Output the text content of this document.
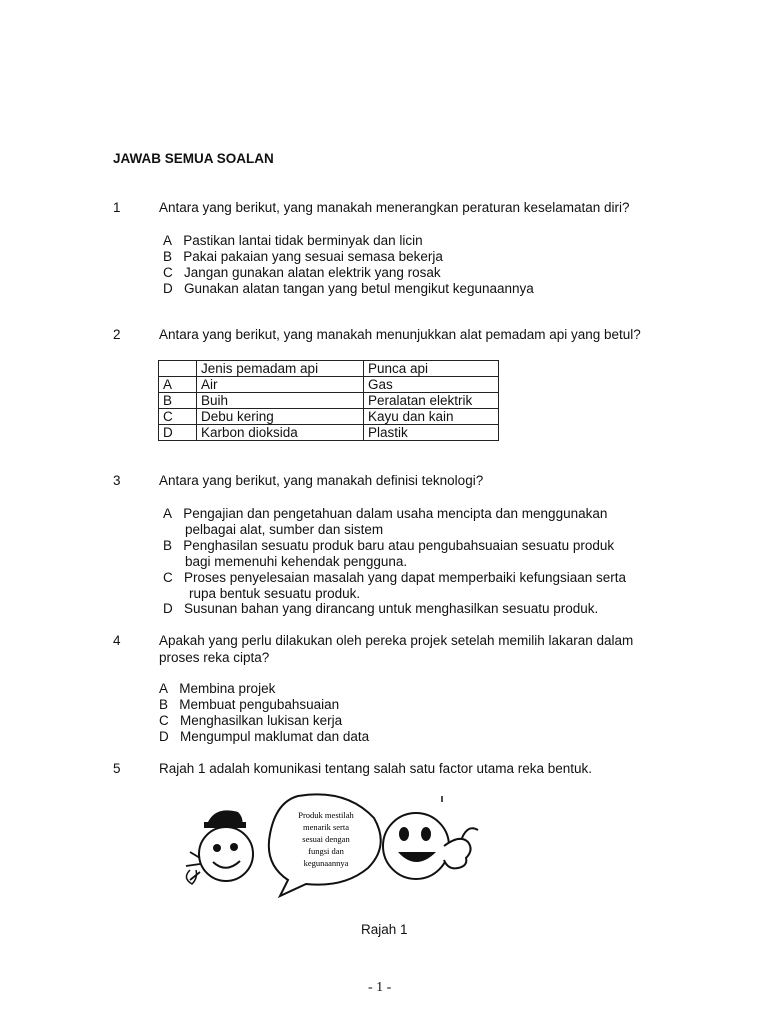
JAWAB SEMUA SOALAN
1	Antara yang berikut, yang manakah menerangkan peraturan keselamatan diri?
A Pastikan lantai tidak berminyak dan licin
B Pakai pakaian yang sesuai semasa bekerja
C Jangan gunakan alatan elektrik yang rosak
D Gunakan alatan tangan yang betul mengikut kegunaannya
2	Antara yang berikut, yang manakah menunjukkan alat pemadam api yang betul?
	Jenis pemadam api	Punca api
A	Air	Gas
B	Buih	Peralatan elektrik
C	Debu kering	Kayu dan kain
D	Karbon dioksida	Plastik
3	Antara yang berikut, yang manakah definisi teknologi?
A Pengajian dan pengetahuan dalam usaha mencipta dan menggunakan
pelbagai alat, sumber dan sistem
B Penghasilan sesuatu produk baru atau pengubahsuaian sesuatu produk
bagi memenuhi kehendak pengguna.
C Proses penyelesaian masalah yang dapat memperbaiki kefungsiaan serta
rupa bentuk sesuatu produk.
D Susunan bahan yang dirancang untuk menghasilkan sesuatu produk.
4	Apakah yang perlu dilakukan oleh pereka projek setelah memilih lakaran dalam
proses reka cipta?
A Membina projek
B Membuat pengubahsuaian
C Menghasilkan lukisan kerja
D Mengumpul maklumat dan data
5	Rajah 1 adalah komunikasi tentang salah satu factor utama reka bentuk.
Produk mestilah
menarik serta
sesuai dengan
fungsi dan
kegunaannya
Rajah 1
- 1 -
